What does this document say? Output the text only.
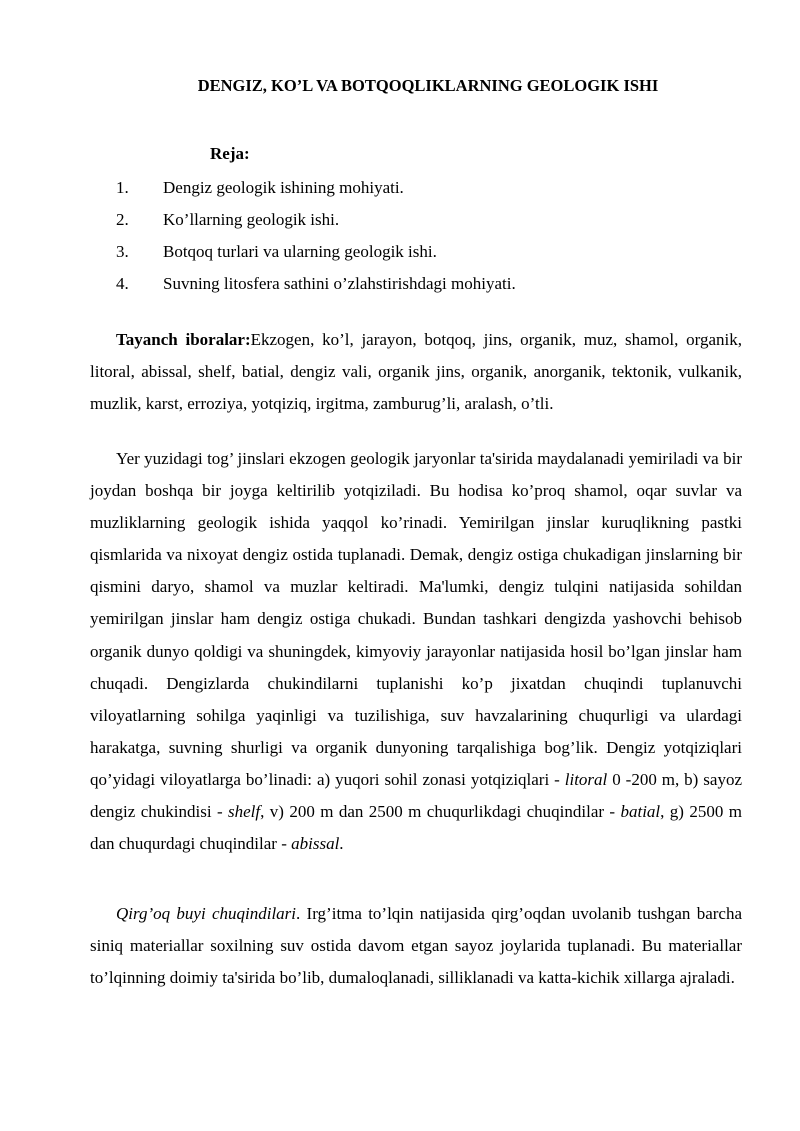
DENGIZ, KO’L VA BOTQOQLIKLARNING GEOLOGIK ISHI
Reja:
1.	Dengiz geologik ishining mohiyati.
2.	Ko’llarning geologik ishi.
3.	Botqoq turlari va ularning geologik ishi.
4.	Suvning litosfera sathini o’zlahstirishdagi mohiyati.

Tayanch iboralar:Ekzogen, ko’l, jarayon, botqoq, jins, organik, muz, shamol, organik, litoral, abissal, shelf, batial, dengiz vali, organik jins, organik, anorganik, tektonik, vulkanik, muzlik, karst, erroziya, yotqiziq, irgitma, zamburug’li, aralash, o’tli.

Yer yuzidagi tog’ jinslari ekzogen geologik jaryonlar ta'sirida maydalanadi yemiriladi va bir joydan boshqa bir joyga keltirilib yotqiziladi. Bu hodisa ko’proq shamol, oqar suvlar va muzliklarning geologik ishida yaqqol ko’rinadi. Yemirilgan jinslar kuruqlikning pastki qismlarida va nixoyat dengiz ostida tuplanadi. Demak, dengiz ostiga chukadigan jinslarning bir qismini daryo, shamol va muzlar keltiradi. Ma'lumki, dengiz tulqini natijasida sohildan yemirilgan jinslar ham dengiz ostiga chukadi. Bundan tashkari dengizda yashovchi behisob organik dunyo qoldigi va shuningdek, kimyoviy jarayonlar natijasida hosil bo’lgan jinslar ham chuqadi. Dengizlarda chukindilarni tuplanishi ko’p jixatdan chuqindi tuplanuvchi viloyatlarning sohilga yaqinligi va tuzilishiga, suv havzalarining chuqurligi va ulardagi harakatga, suvning shurligi va organik dunyoning tarqalishiga bog’lik. Dengiz yotqiziqlari qo’yidagi viloyatlarga bo’linadi: a) yuqori sohil zonasi yotqiziqlari - litoral 0 -200 m, b) sayoz dengiz chukindisi - shelf, v) 200 m dan 2500 m chuqurlikdagi chuqindilar - batial, g) 2500 m dan chuqurdagi chuqindilar - abissal.

Qirg’oq buyi chuqindilari. Irg’itma to’lqin natijasida qirg’oqdan uvolanib tushgan barcha siniq materiallar soxilning suv ostida davom etgan sayoz joylarida tuplanadi. Bu materiallar to’lqinning doimiy ta'sirida bo’lib, dumaloqlanadi, silliklanadi va katta-kichik xillarga ajraladi.
